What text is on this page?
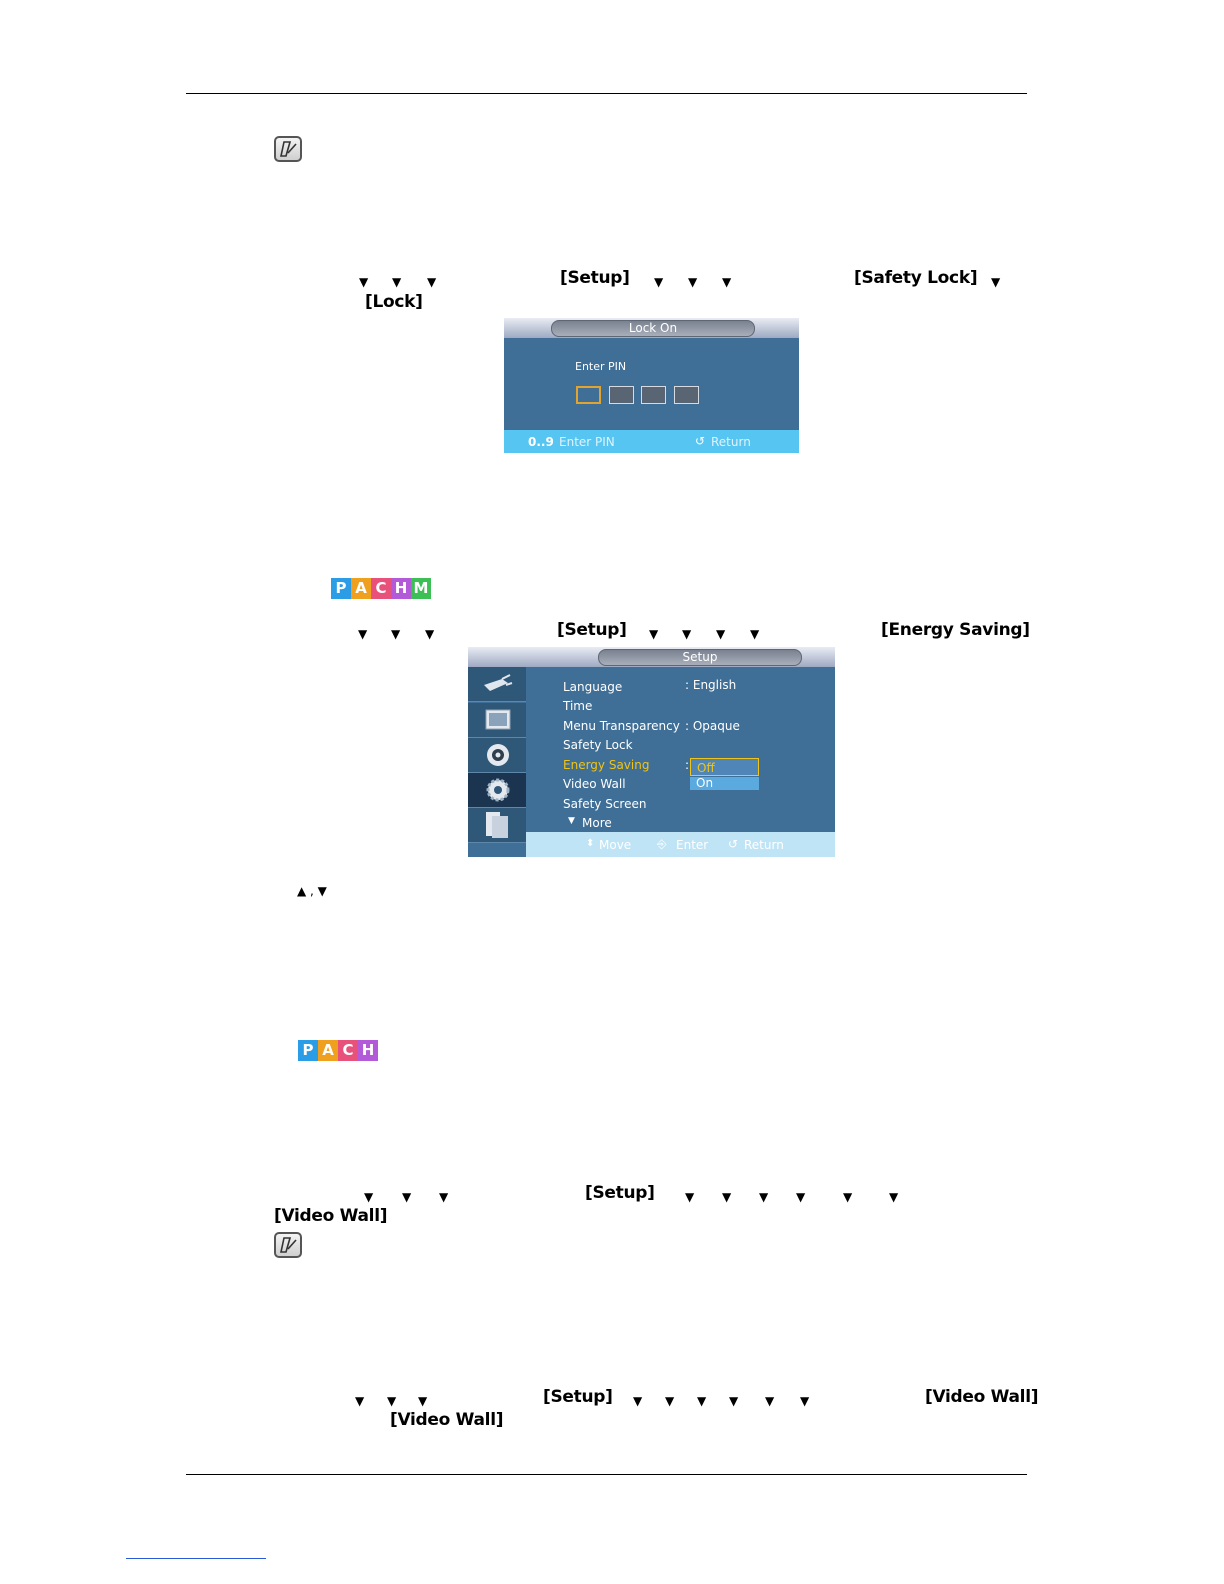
▼ ▼ ▼	[Setup] ▼ ▼ ▼	[Safety Lock] ▼
[Lock]
Lock On
Enter PIN
0..9 Enter PIN	↺ Return
P A C H M
▼ ▼ ▼	[Setup] ▼ ▼ ▼ ▼	[Energy Saving]
Setup
Language	: English
Time
Menu Transparency : Opaque
Safety Lock
Energy Saving	:
Video Wall
Safety Screen
▼ More
Off
On
⬍ Move ⎆ Enter ↺ Return
▲ , ▼
P A C H
▼ ▼ ▼	[Setup]	▼ ▼ ▼ ▼	▼	▼
[Video Wall]
▼ ▼ ▼	[Setup] ▼ ▼ ▼ ▼ ▼ ▼	[Video Wall]
[Video Wall]
